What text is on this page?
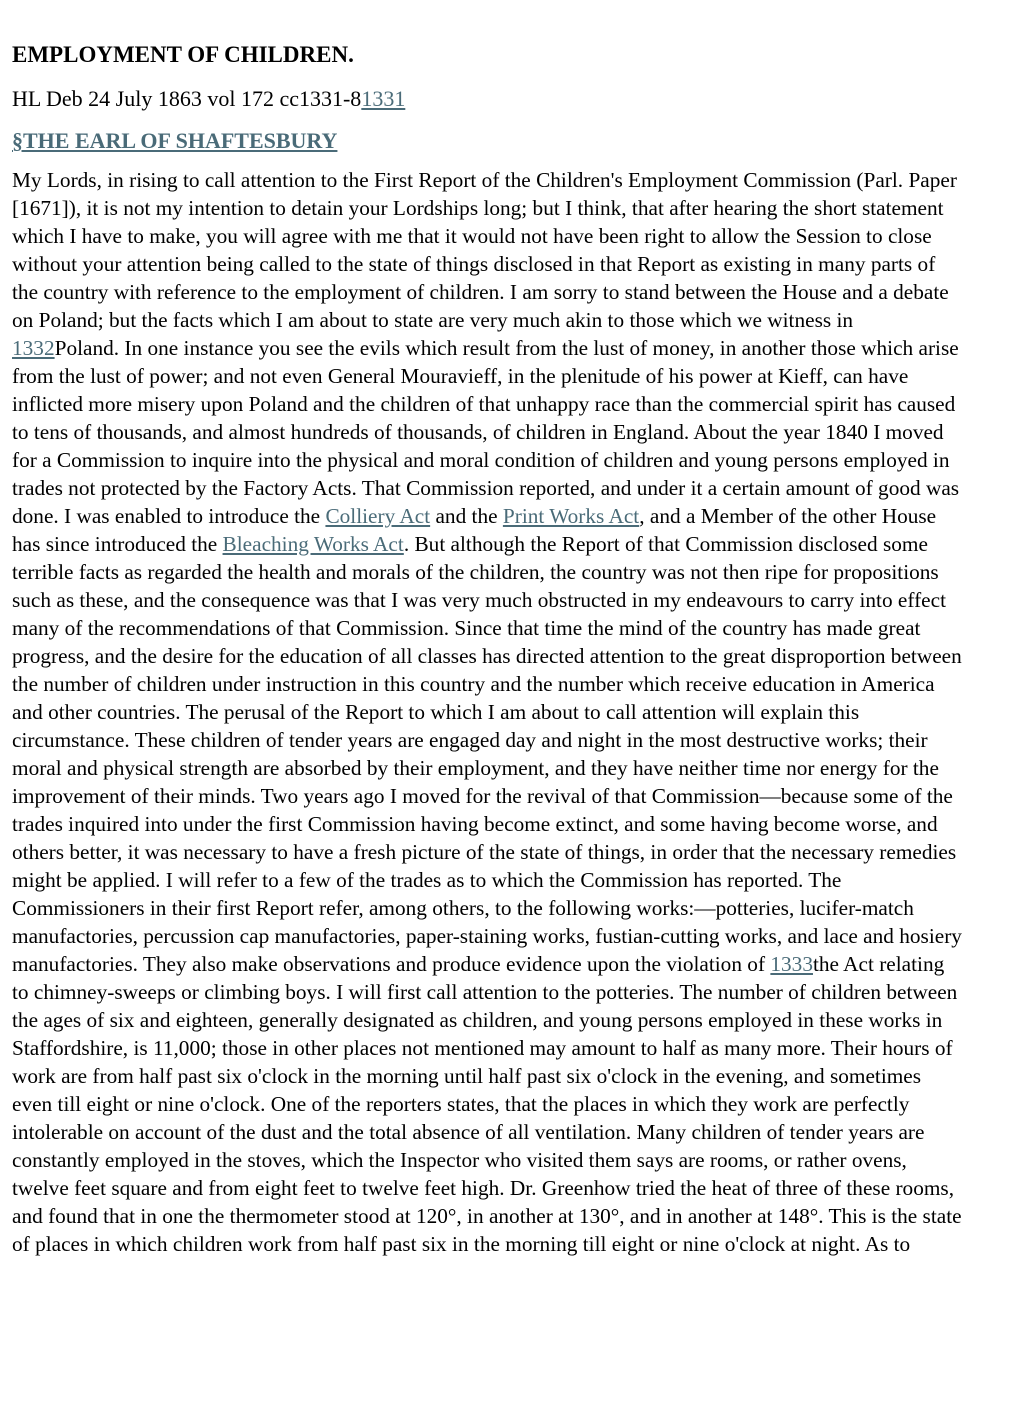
EMPLOYMENT OF CHILDREN.

HL Deb 24 July 1863 vol 172 cc1331-81331

§THE EARL OF SHAFTESBURY

My Lords, in rising to call attention to the First Report of the Children's Employment Commission (Parl. Paper [1671]), it is not my intention to detain your Lordships long; but I think, that after hearing the short statement which I have to make, you will agree with me that it would not have been right to allow the Session to close without your attention being called to the state of things disclosed in that Report as existing in many parts of the country with reference to the employment of children. I am sorry to stand between the House and a debate on Poland; but the facts which I am about to state are very much akin to those which we witness in 1332Poland. In one instance you see the evils which result from the lust of money, in another those which arise from the lust of power; and not even General Mouravieff, in the plenitude of his power at Kieff, can have inflicted more misery upon Poland and the children of that unhappy race than the commercial spirit has caused to tens of thousands, and almost hundreds of thousands, of children in England. About the year 1840 I moved for a Commission to inquire into the physical and moral condition of children and young persons employed in trades not protected by the Factory Acts. That Commission reported, and under it a certain amount of good was done. I was enabled to introduce the Colliery Act and the Print Works Act, and a Member of the other House has since introduced the Bleaching Works Act. But although the Report of that Commission disclosed some terrible facts as regarded the health and morals of the children, the country was not then ripe for propositions such as these, and the consequence was that I was very much obstructed in my endeavours to carry into effect many of the recommendations of that Commission. Since that time the mind of the country has made great progress, and the desire for the education of all classes has directed attention to the great disproportion between the number of children under instruction in this country and the number which receive education in America and other countries. The perusal of the Report to which I am about to call attention will explain this circumstance. These children of tender years are engaged day and night in the most destructive works; their moral and physical strength are absorbed by their employment, and they have neither time nor energy for the improvement of their minds. Two years ago I moved for the revival of that Commission—because some of the trades inquired into under the first Commission having become extinct, and some having become worse, and others better, it was necessary to have a fresh picture of the state of things, in order that the necessary remedies might be applied. I will refer to a few of the trades as to which the Commission has reported. The Commissioners in their first Report refer, among others, to the following works:—potteries, lucifer-match manufactories, percussion cap manufactories, paper-staining works, fustian-cutting works, and lace and hosiery manufactories. They also make observations and produce evidence upon the violation of 1333the Act relating to chimney-sweeps or climbing boys. I will first call attention to the potteries. The number of children between the ages of six and eighteen, generally designated as children, and young persons employed in these works in Staffordshire, is 11,000; those in other places not mentioned may amount to half as many more. Their hours of work are from half past six o'clock in the morning until half past six o'clock in the evening, and sometimes even till eight or nine o'clock. One of the reporters states, that the places in which they work are perfectly intolerable on account of the dust and the total absence of all ventilation. Many children of tender years are constantly employed in the stoves, which the Inspector who visited them says are rooms, or rather ovens, twelve feet square and from eight feet to twelve feet high. Dr. Greenhow tried the heat of three of these rooms, and found that in one the thermometer stood at 120°, in another at 130°, and in another at 148°. This is the state of places in which children work from half past six in the morning till eight or nine o'clock at night. As to
